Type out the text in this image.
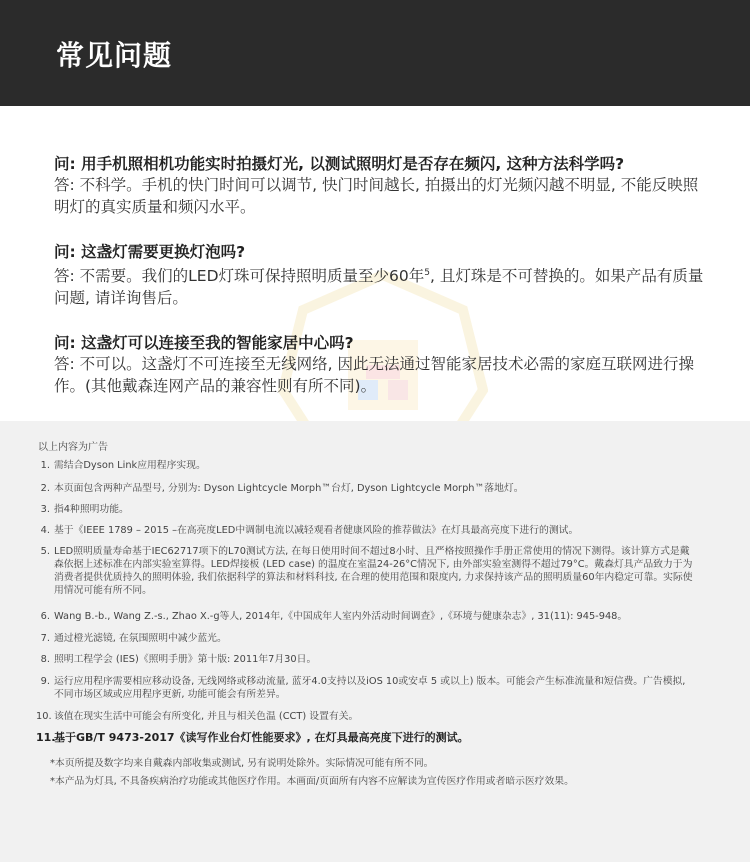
常见问题
问: 用手机照相机功能实时拍摄灯光, 以测试照明灯是否存在频闪, 这种方法科学吗?
答: 不科学。手机的快门时间可以调节, 快门时间越长, 拍摄出的灯光频闪越不明显, 不能反映照明灯的真实质量和频闪水平。
问: 这盏灯需要更换灯泡吗?
答: 不需要。我们的LED灯珠可保持照明质量至少60年$^5$, 且灯珠是不可替换的。如果产品有质量问题, 请详询售后。
问: 这盏灯可以连接至我的智能家居中心吗?
答: 不可以。这盏灯不可连接至无线网络, 因此无法通过智能家居技术必需的家庭互联网进行操作。(其他戴森连网产品的兼容性则有所不同)。
以上内容为广告
1. 需结合Dyson Link应用程序实现。
2. 本页面包含两种产品型号, 分别为: Dyson Lightcycle Morph™台灯, Dyson Lightcycle Morph™落地灯。
3. 指4种照明功能。
4. 基于《IEEE 1789 – 2015 –在高亮度LED中调制电流以减轻观看者健康风险的推荐做法》在灯具最高亮度下进行的测试。
5. LED照明质量寿命基于IEC62717项下的L70测试方法, 在每日使用时间不超过8小时、且严格按照操作手册正常使用的情况下测得。该计算方式是戴森依据上述标准在内部实验室算得。LED焊接板 (LED case) 的温度在室温24-26°C情况下, 由外部实验室测得不超过79°C。戴森灯具产品致力于为消费者提供优质持久的照明体验, 我们依据科学的算法和材料科技, 在合理的使用范围和限度内, 力求保持该产品的照明质量60年内稳定可靠。实际使用情况可能有所不同。
6. Wang B.-b., Wang Z.-s., Zhao X.-g等人, 2014年,《中国成年人室内外活动时间调查》,《环境与健康杂志》, 31(11): 945-948。
7. 通过橙光滤镜, 在氛围照明中减少蓝光。
8. 照明工程学会 (IES)《照明手册》第十版: 2011年7月30日。
9. 运行应用程序需要相应移动设备, 无线网络或移动流量, 蓝牙4.0支持以及iOS 10或安卓 5 或以上) 版本。可能会产生标准流量和短信费。广告模拟, 不同市场区域或应用程序更新, 功能可能会有所差异。
10. 该值在现实生活中可能会有所变化, 并且与相关色温 (CCT) 设置有关。
11.
基于GB/T 9473-2017《读写作业台灯性能要求》, 在灯具最高亮度下进行的测试。
*本页所提及数字均来自戴森内部收集或测试, 另有说明处除外。实际情况可能有所不同。
*本产品为灯具, 不具备疾病治疗功能或其他医疗作用。本画面/页面所有内容不应解读为宣传医疗作用或者暗示医疗效果。
